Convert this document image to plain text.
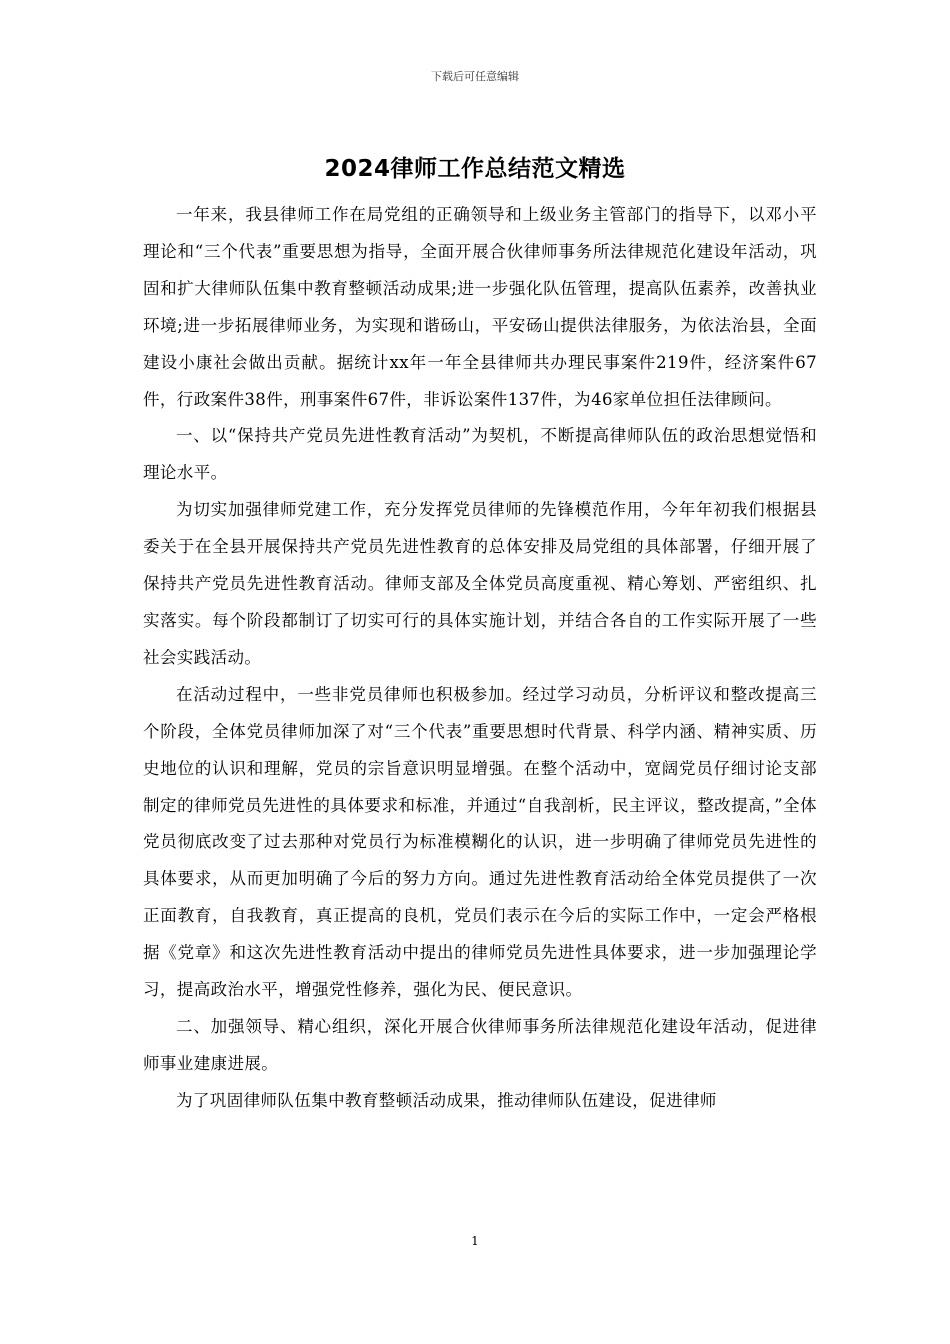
下载后可任意编辑
2024律师工作总结范文精选

一年来，我县律师工作在局党组的正确领导和上级业务主管部门的指导下，以邓小平理论和“三个代表”重要思想为指导，全面开展合伙律师事务所法律规范化建设年活动，巩固和扩大律师队伍集中教育整顿活动成果;进一步强化队伍管理，提高队伍素养，改善执业环境;进一步拓展律师业务，为实现和谐砀山，平安砀山提供法律服务，为依法治县，全面建设小康社会做出贡献。据统计xx年一年全县律师共办理民事案件219件，经济案件67件，行政案件38件，刑事案件67件，非诉讼案件137件，为46家单位担任法律顾问。

一、以“保持共产党员先进性教育活动”为契机，不断提高律师队伍的政治思想觉悟和理论水平。

为切实加强律师党建工作，充分发挥党员律师的先锋模范作用，今年年初我们根据县委关于在全县开展保持共产党员先进性教育的总体安排及局党组的具体部署，仔细开展了保持共产党员先进性教育活动。律师支部及全体党员高度重视、精心筹划、严密组织、扎实落实。每个阶段都制订了切实可行的具体实施计划，并结合各自的工作实际开展了一些社会实践活动。

在活动过程中，一些非党员律师也积极参加。经过学习动员，分析评议和整改提高三个阶段，全体党员律师加深了对“三个代表”重要思想时代背景、科学内涵、精神实质、历史地位的认识和理解，党员的宗旨意识明显增强。在整个活动中，宽阔党员仔细讨论支部制定的律师党员先进性的具体要求和标准，并通过“自我剖析，民主评议，整改提高，”全体党员彻底改变了过去那种对党员行为标准模糊化的认识，进一步明确了律师党员先进性的具体要求，从而更加明确了今后的努力方向。通过先进性教育活动给全体党员提供了一次正面教育，自我教育，真正提高的良机，党员们表示在今后的实际工作中，一定会严格根据《党章》和这次先进性教育活动中提出的律师党员先进性具体要求，进一步加强理论学习，提高政治水平，增强党性修养，强化为民、便民意识。

二、加强领导、精心组织，深化开展合伙律师事务所法律规范化建设年活动，促进律师事业建康进展。

为了巩固律师队伍集中教育整顿活动成果，推动律师队伍建设，促进律师

1
